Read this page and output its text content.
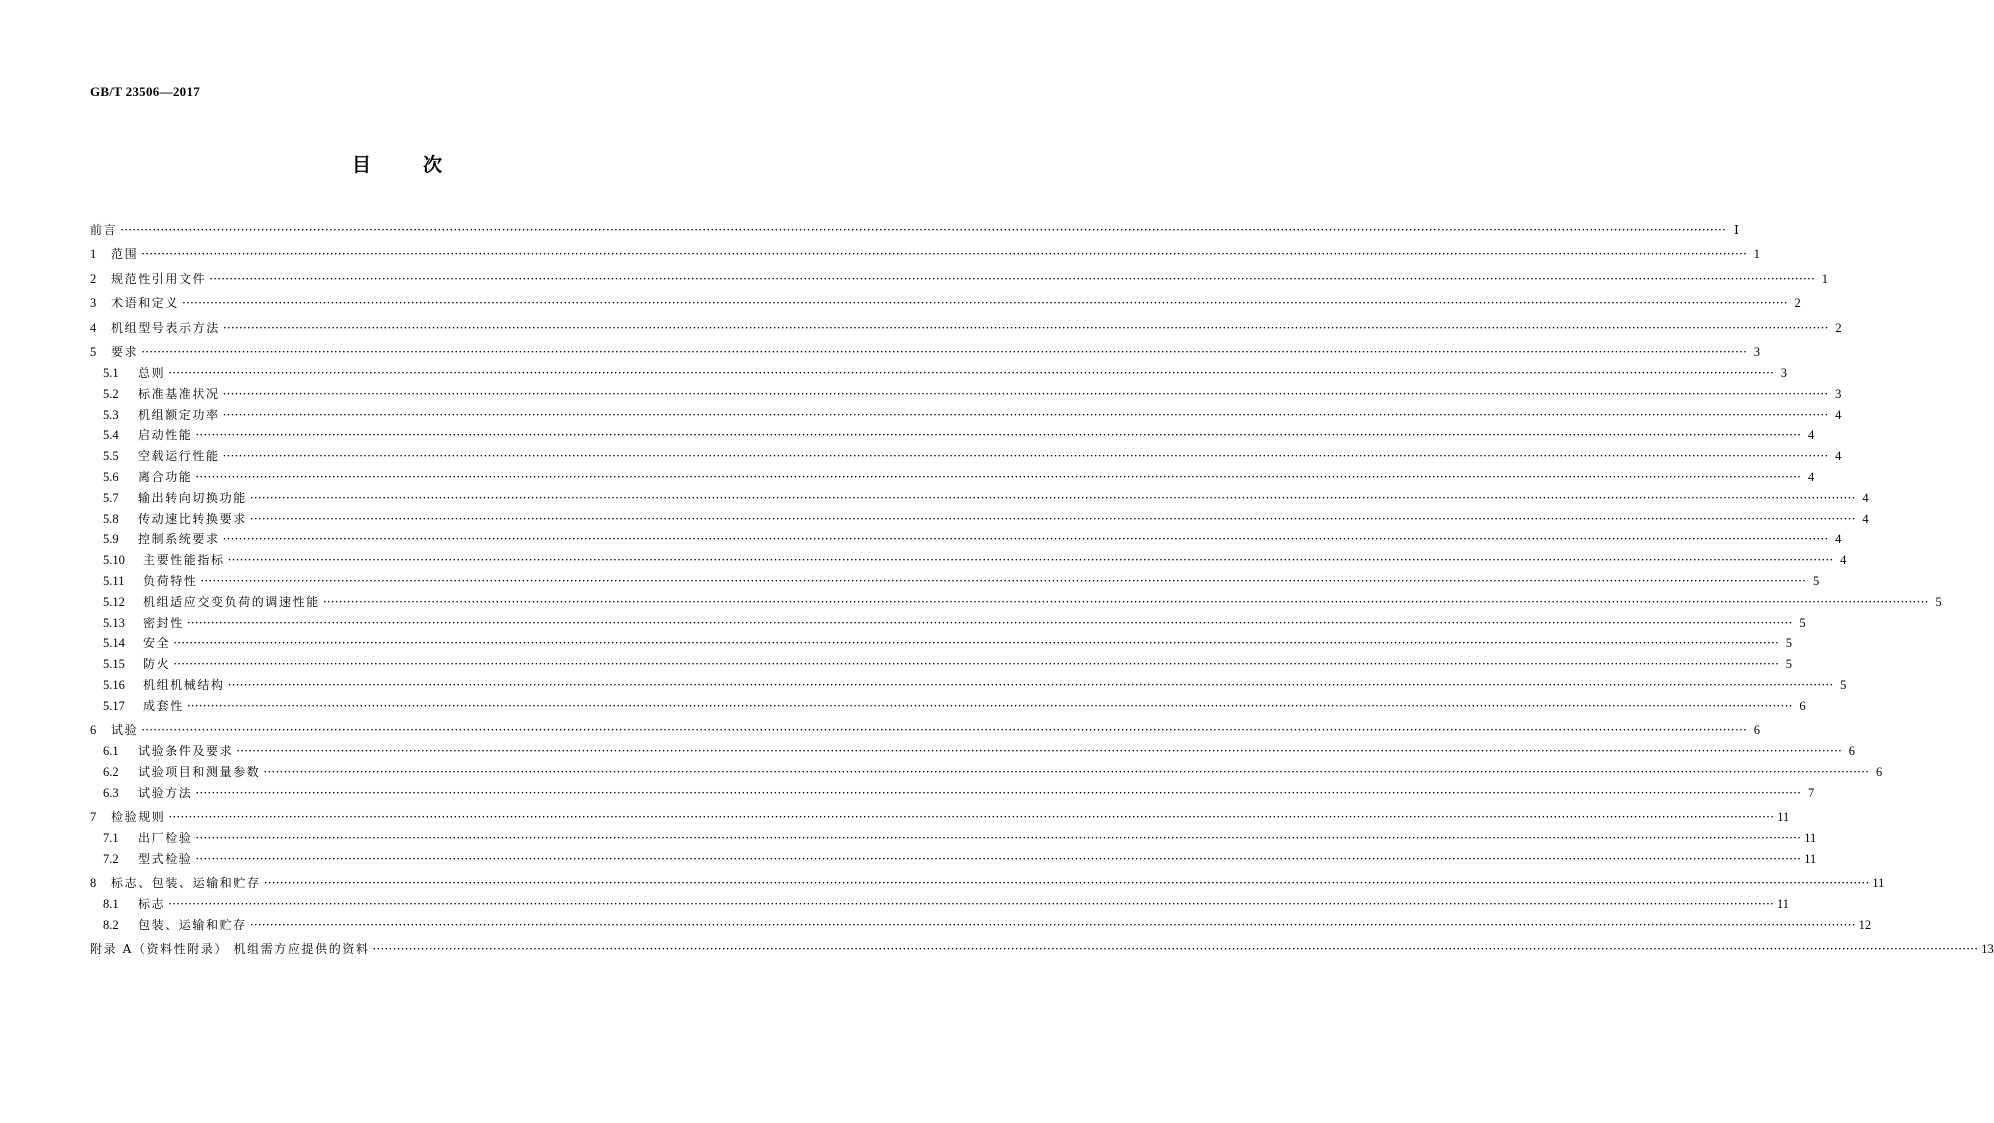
GB/T 23506—2017
目	次
前言 ················································································································································································································································································································································································································ Ⅰ
1	范围 ················································································································································································································································································································································································································ 1
2	规范性引用文件 ················································································································································································································································································································································································································ 1
3	术语和定义 ················································································································································································································································································································································································································ 2
4	机组型号表示方法 ················································································································································································································································································································································································································ 2
5	要求 ················································································································································································································································································································································································································ 3
5.1	总则 ················································································································································································································································································································································································································ 3
5.2	标准基准状况 ················································································································································································································································································································································································································ 3
5.3	机组额定功率 ················································································································································································································································································································································································································ 4
5.4	启动性能 ················································································································································································································································································································································································································ 4
5.5	空载运行性能 ················································································································································································································································································································································································································ 4
5.6	离合功能 ················································································································································································································································································································································································································ 4
5.7	输出转向切换功能 ················································································································································································································································································································································································································ 4
5.8	传动速比转换要求 ················································································································································································································································································································································································································ 4
5.9	控制系统要求 ················································································································································································································································································································································································································ 4
5.10	主要性能指标 ················································································································································································································································································································································································································ 4
5.11	负荷特性 ················································································································································································································································································································································································································ 5
5.12	机组适应交变负荷的调速性能 ················································································································································································································································································································································································································ 5
5.13	密封性 ················································································································································································································································································································································································································ 5
5.14	安全 ················································································································································································································································································································································································································ 5
5.15	防火 ················································································································································································································································································································································································································ 5
5.16	机组机械结构 ················································································································································································································································································································································································································ 5
5.17	成套性 ················································································································································································································································································································································································································ 6
6	试验 ················································································································································································································································································································································································································ 6
6.1	试验条件及要求 ················································································································································································································································································································································································································ 6
6.2	试验项目和测量参数 ················································································································································································································································································································································································································ 6
6.3	试验方法 ················································································································································································································································································································································································································ 7
7	检验规则 ················································································································································································································································································································································································································ 11
7.1	出厂检验 ················································································································································································································································································································································································································ 11
7.2	型式检验 ················································································································································································································································································································································································································ 11
8	标志、包装、运输和贮存 ················································································································································································································································································································································································································ 11
8.1	标志 ················································································································································································································································································································································································································ 11
8.2	包装、运输和贮存 ················································································································································································································································································································································································································ 12
附录 A（资料性附录） 机组需方应提供的资料 ················································································································································································································································································································································································································ 13
